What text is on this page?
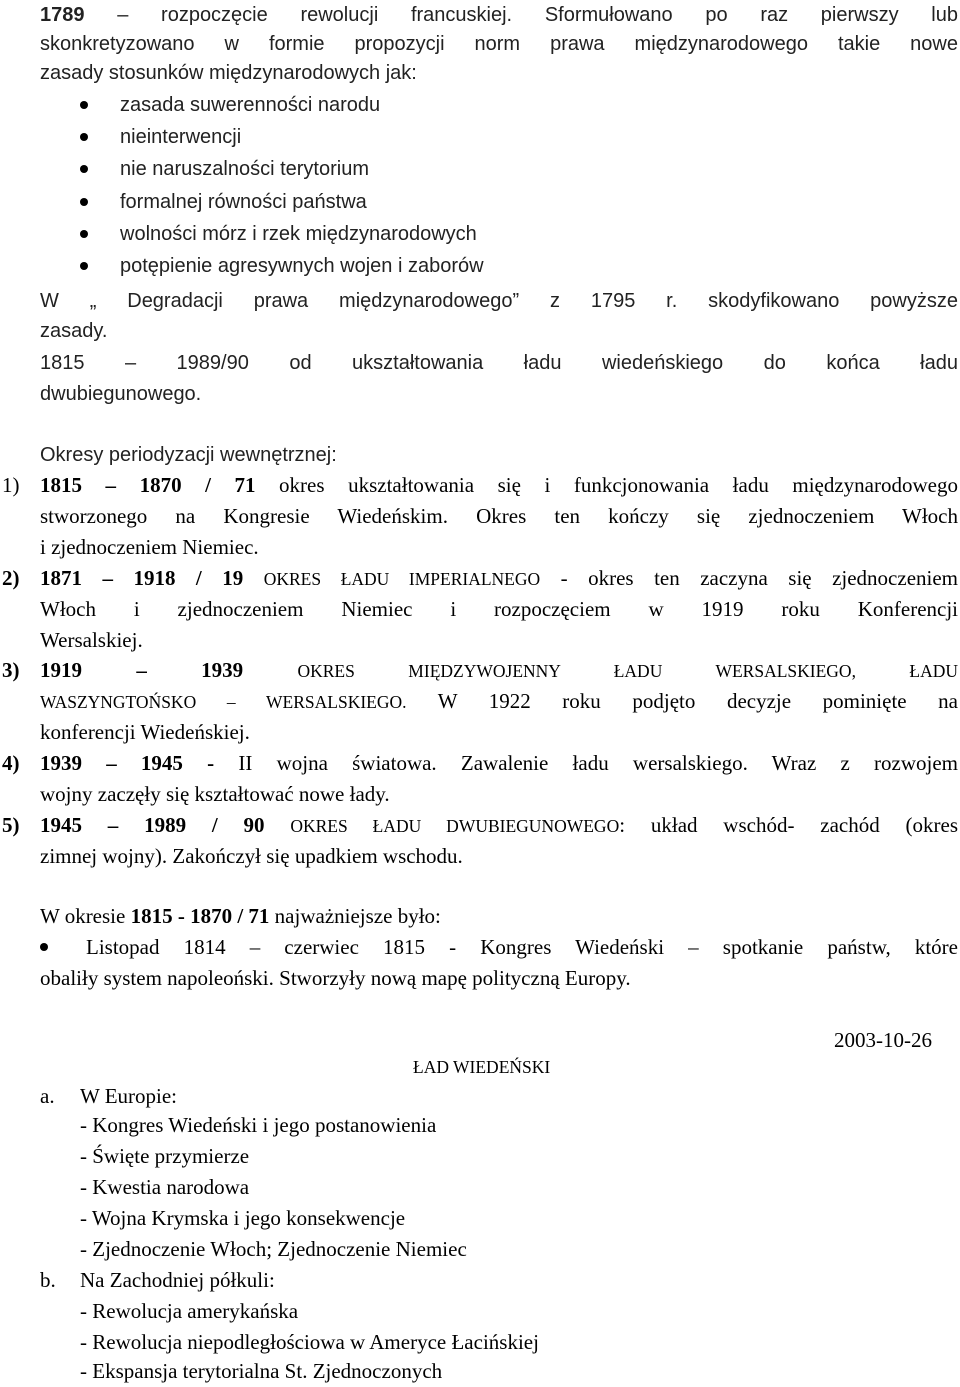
1789 – rozpoczęcie rewolucji francuskiej. Sformułowano po raz pierwszy lub
skonkretyzowano w formie propozycji norm prawa międzynarodowego takie nowe
zasady stosunków międzynarodowych jak:
zasada suwerenności narodu
nieinterwencji
nie naruszalności terytorium
formalnej równości państwa
wolności mórz i rzek międzynarodowych
potępienie agresywnych wojen i zaborów
W „ Degradacji prawa międzynarodowego” z 1795 r. skodyfikowano powyższe
zasady.
1815 – 1989/90 od ukształtowania ładu wiedeńskiego do końca ładu
dwubiegunowego.
Okresy periodyzacji wewnętrznej:
1) 1815 – 1870 / 71 okres ukształtowania się i funkcjonowania ładu międzynarodowego
stworzonego na Kongresie Wiedeńskim. Okres ten kończy się zjednoczeniem Włoch
i zjednoczeniem Niemiec.
2) 1871 – 1918 / 19 OKRES ŁADU IMPERIALNEGO - okres ten zaczyna się zjednoczeniem
Włoch i zjednoczeniem Niemiec i rozpoczęciem w 1919 roku Konferencji
Wersalskiej.
3) 1919 – 1939	OKRES MIĘDZYWOJENNY ŁADU WERSALSKIEGO, ŁADU
WASZYNGTOŃSKO – WERSALSKIEGO. W 1922 roku podjęto decyzje pominięte na
konferencji Wiedeńskiej.
4) 1939 – 1945 - II wojna światowa. Zawalenie ładu wersalskiego. Wraz z rozwojem
wojny zaczęły się kształtować nowe łady.
5) 1945 – 1989 / 90 OKRES ŁADU DWUBIEGUNOWEGO: układ wschód- zachód (okres
zimnej wojny). Zakończył się upadkiem wschodu.
W okresie 1815 - 1870 / 71 najważniejsze było:
Listopad 1814 – czerwiec 1815 - Kongres Wiedeński – spotkanie państw, które
obaliły system napoleoński. Stworzyły nową mapę polityczną Europy.
2003-10-26
ŁAD WIEDEŃSKI
a. W Europie:
- Kongres Wiedeński i jego postanowienia
- Święte przymierze
- Kwestia narodowa
- Wojna Krymska i jego konsekwencje
- Zjednoczenie Włoch; Zjednoczenie Niemiec
b. Na Zachodniej półkuli:
- Rewolucja amerykańska
- Rewolucja niepodległościowa w Ameryce Łacińskiej
- Ekspansja terytorialna St. Zjednoczonych
